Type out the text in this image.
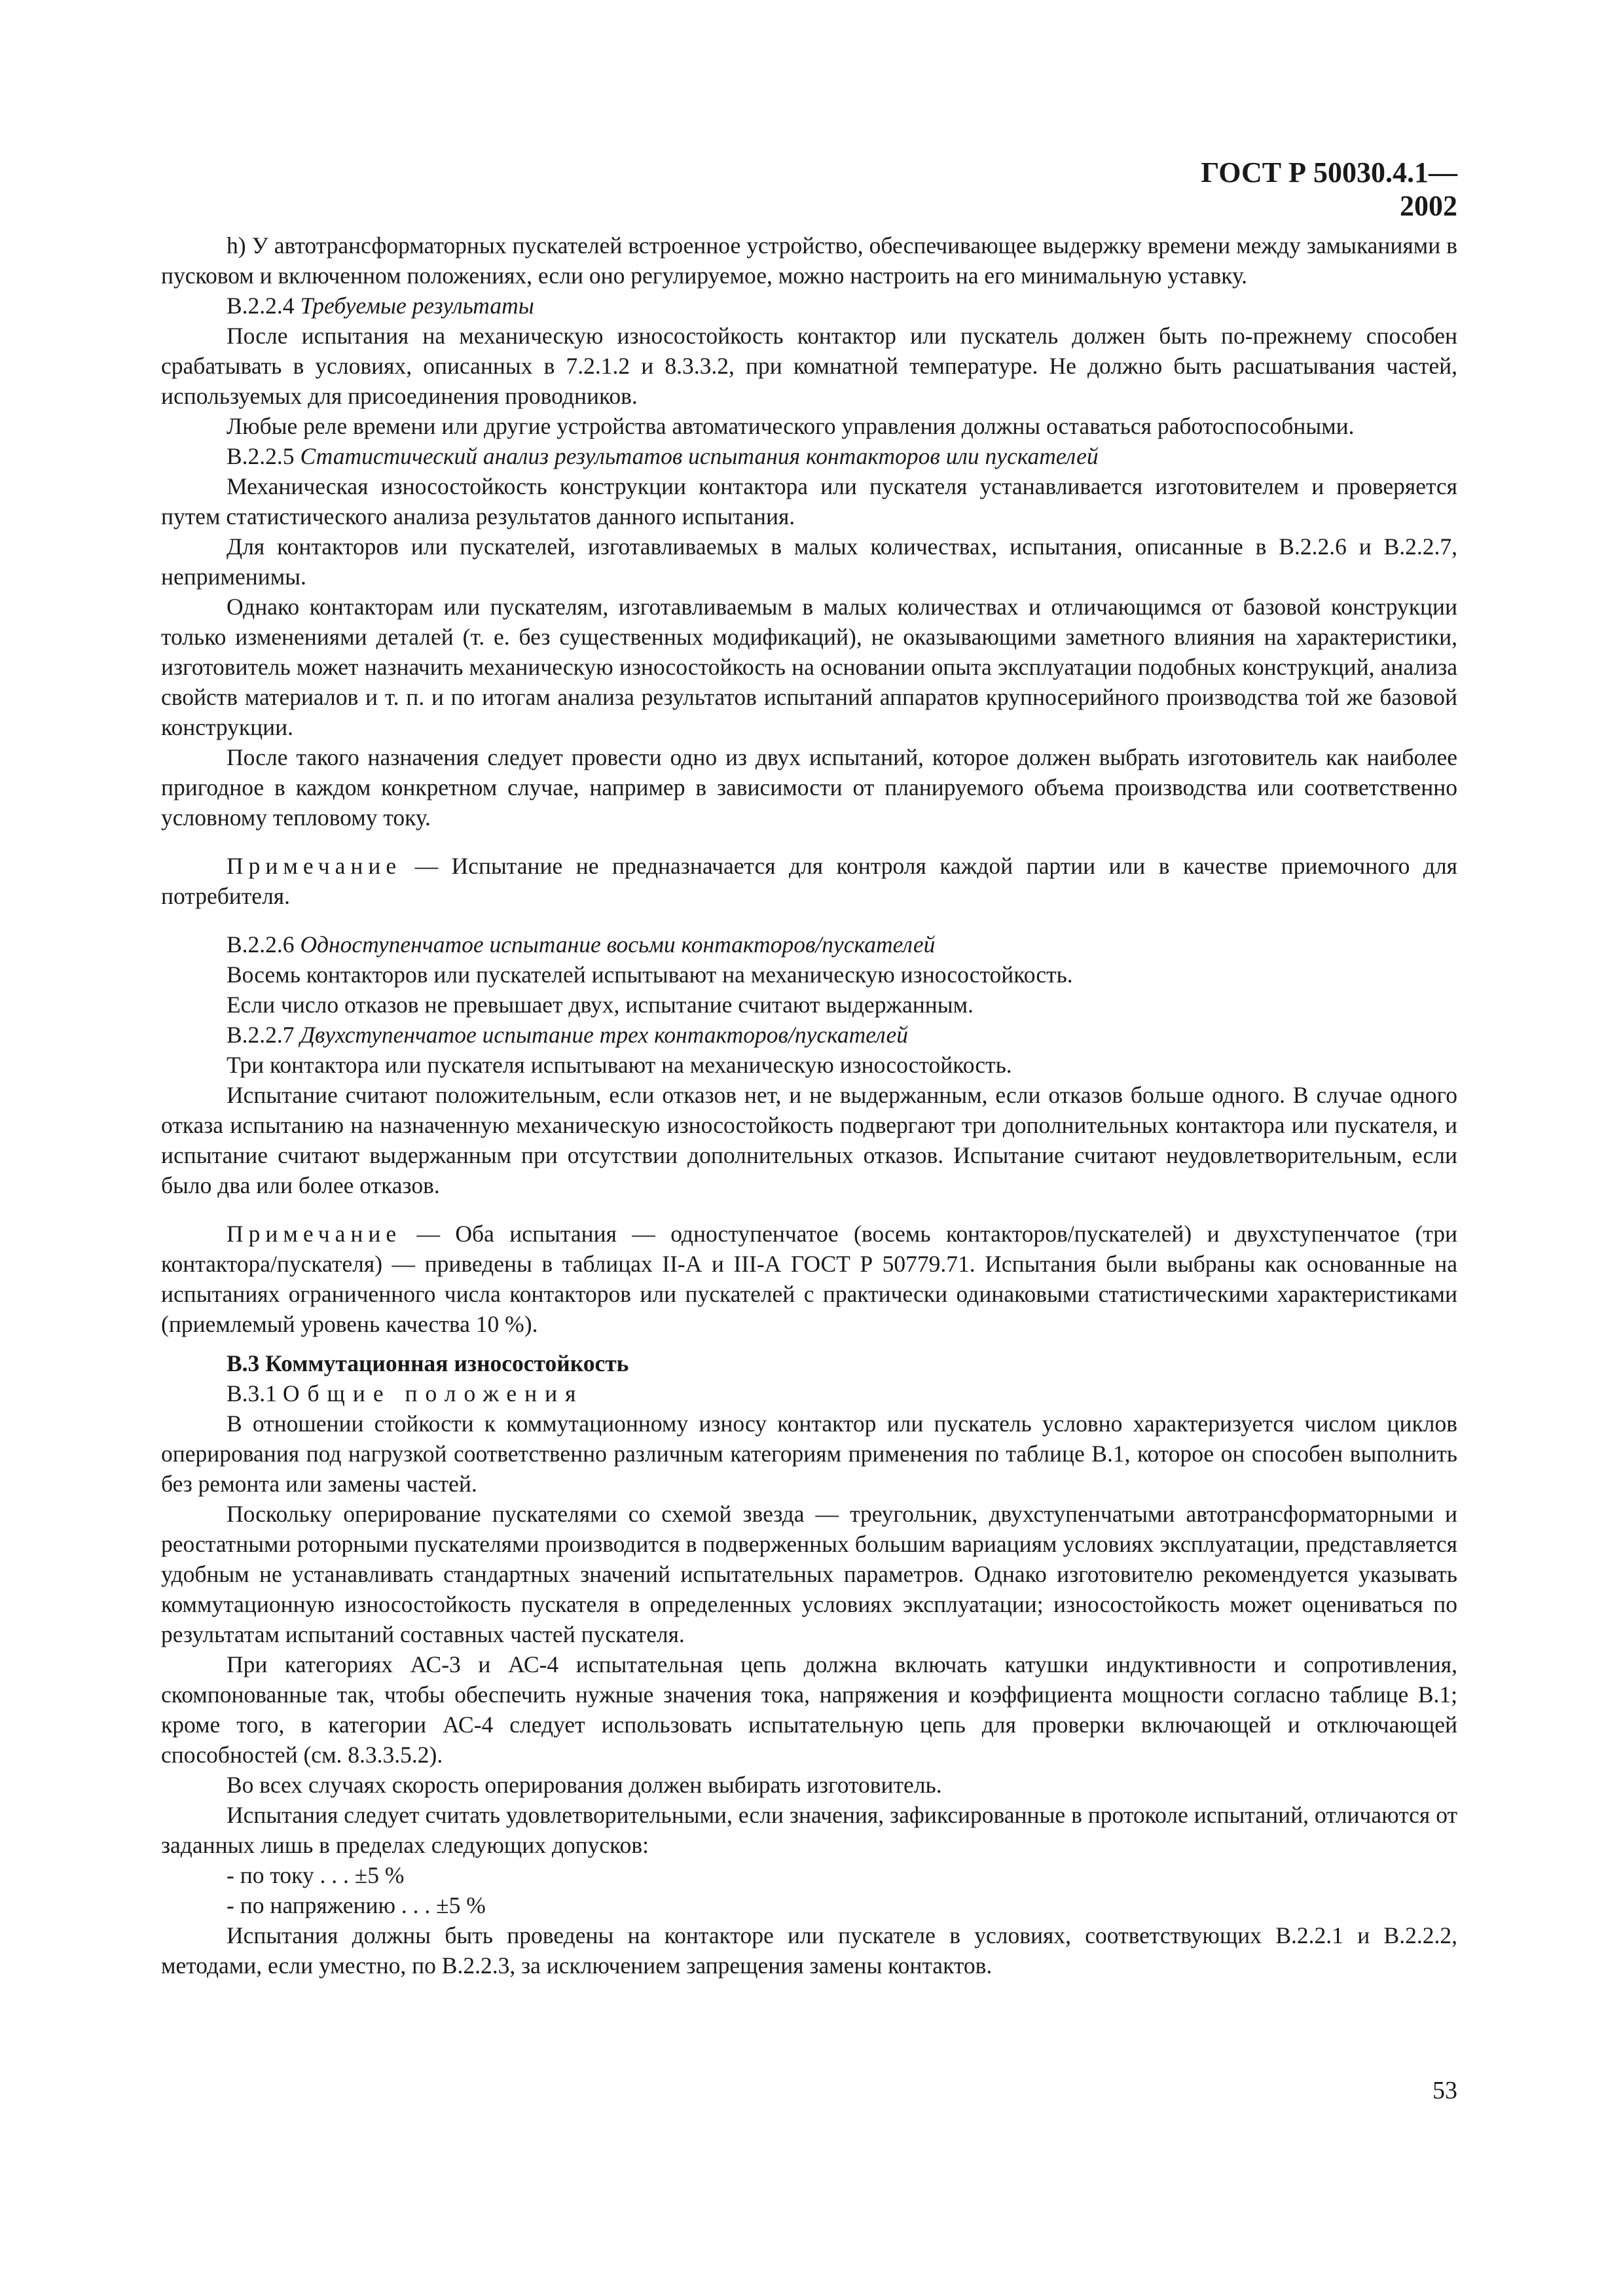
ГОСТ Р 50030.4.1—2002

h) У автотрансформаторных пускателей встроенное устройство, обеспечивающее выдержку времени между замыканиями в пусковом и включенном положениях, если оно регулируемое, можно настроить на его минимальную уставку.

В.2.2.4 Требуемые результаты

После испытания на механическую износостойкость контактор или пускатель должен быть по-прежнему способен срабатывать в условиях, описанных в 7.2.1.2 и 8.3.3.2, при комнатной температуре. Не должно быть расшатывания частей, используемых для присоединения проводников.

Любые реле времени или другие устройства автоматического управления должны оставаться работоспособными.

В.2.2.5 Статистический анализ результатов испытания контакторов или пускателей

Механическая износостойкость конструкции контактора или пускателя устанавливается изготовителем и проверяется путем статистического анализа результатов данного испытания.

Для контакторов или пускателей, изготавливаемых в малых количествах, испытания, описанные в В.2.2.6 и В.2.2.7, неприменимы.

Однако контакторам или пускателям, изготавливаемым в малых количествах и отличающимся от базовой конструкции только изменениями деталей (т. е. без существенных модификаций), не оказывающими заметного влияния на характеристики, изготовитель может назначить механическую износостойкость на основании опыта эксплуатации подобных конструкций, анализа свойств материалов и т. п. и по итогам анализа результатов испытаний аппаратов крупносерийного производства той же базовой конструкции.

После такого назначения следует провести одно из двух испытаний, которое должен выбрать изготовитель как наиболее пригодное в каждом конкретном случае, например в зависимости от планируемого объема производства или соответственно условному тепловому току.

Примечание — Испытание не предназначается для контроля каждой партии или в качестве приемочного для потребителя.

В.2.2.6 Одноступенчатое испытание восьми контакторов/пускателей

Восемь контакторов или пускателей испытывают на механическую износостойкость.

Если число отказов не превышает двух, испытание считают выдержанным.

В.2.2.7 Двухступенчатое испытание трех контакторов/пускателей

Три контактора или пускателя испытывают на механическую износостойкость.

Испытание считают положительным, если отказов нет, и не выдержанным, если отказов больше одного. В случае одного отказа испытанию на назначенную механическую износостойкость подвергают три дополнительных контактора или пускателя, и испытание считают выдержанным при отсутствии дополнительных отказов. Испытание считают неудовлетворительным, если было два или более отказов.

Примечание — Оба испытания — одноступенчатое (восемь контакторов/пускателей) и двухступенчатое (три контактора/пускателя) — приведены в таблицах II-А и III-А ГОСТ Р 50779.71. Испытания были выбраны как основанные на испытаниях ограниченного числа контакторов или пускателей с практически одинаковыми статистическими характеристиками (приемлемый уровень качества 10 %).

В.3 Коммутационная износостойкость

В.3.1 Общие положения

В отношении стойкости к коммутационному износу контактор или пускатель условно характеризуется числом циклов оперирования под нагрузкой соответственно различным категориям применения по таблице В.1, которое он способен выполнить без ремонта или замены частей.

Поскольку оперирование пускателями со схемой звезда — треугольник, двухступенчатыми автотрансформаторными и реостатными роторными пускателями производится в подверженных большим вариациям условиях эксплуатации, представляется удобным не устанавливать стандартных значений испытательных параметров. Однако изготовителю рекомендуется указывать коммутационную износостойкость пускателя в определенных условиях эксплуатации; износостойкость может оцениваться по результатам испытаний составных частей пускателя.

При категориях АС-3 и АС-4 испытательная цепь должна включать катушки индуктивности и сопротивления, скомпонованные так, чтобы обеспечить нужные значения тока, напряжения и коэффициента мощности согласно таблице В.1; кроме того, в категории АС-4 следует использовать испытательную цепь для проверки включающей и отключающей способностей (см. 8.3.3.5.2).

Во всех случаях скорость оперирования должен выбирать изготовитель.

Испытания следует считать удовлетворительными, если значения, зафиксированные в протоколе испытаний, отличаются от заданных лишь в пределах следующих допусков:

- по току . . . ±5 %

- по напряжению . . . ±5 %

Испытания должны быть проведены на контакторе или пускателе в условиях, соответствующих В.2.2.1 и В.2.2.2, методами, если уместно, по В.2.2.3, за исключением запрещения замены контактов.

53
